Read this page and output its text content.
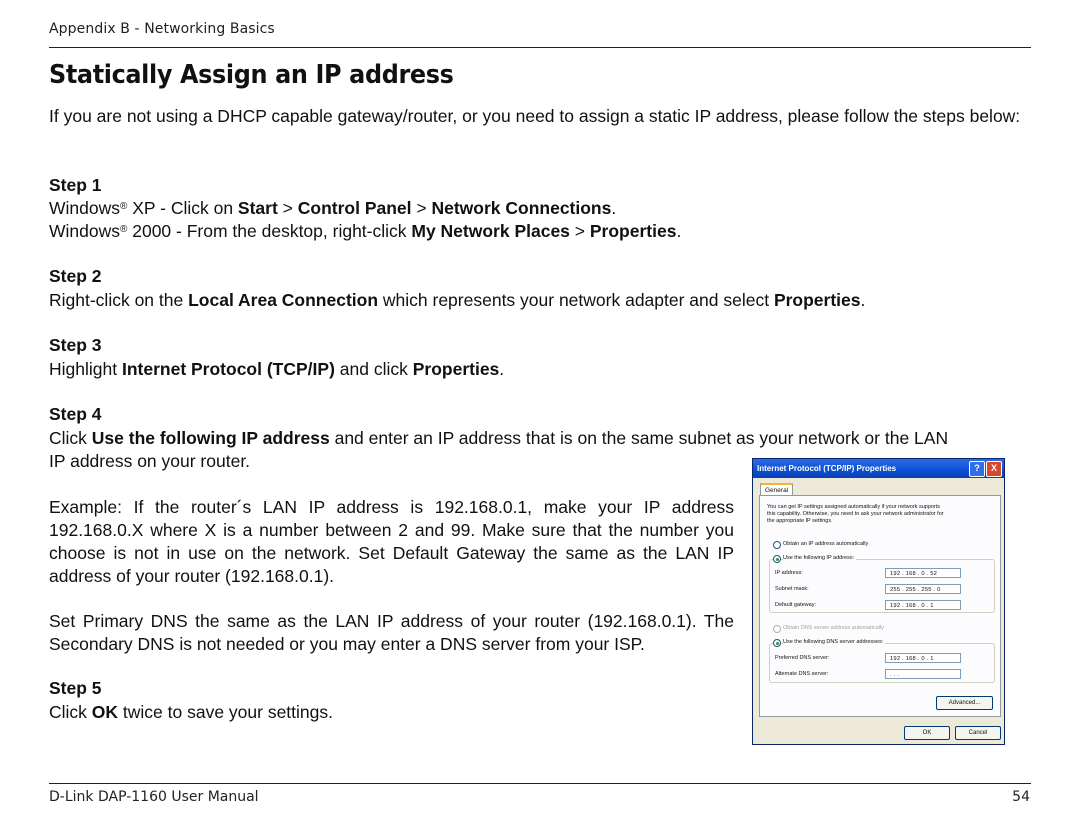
Appendix B - Networking Basics
Statically Assign an IP address
If you are not using a DHCP capable gateway/router, or you need to assign a static IP address, please follow the steps below:
Step 1
Windows® XP - Click on Start > Control Panel > Network Connections.
Windows® 2000 - From the desktop, right-click My Network Places > Properties.
Step 2
Right-click on the Local Area Connection which represents your network adapter and select Properties.
Step 3
Highlight Internet Protocol (TCP/IP) and click Properties.
Step 4
Click Use the following IP address and enter an IP address that is on the same subnet as your network or the LAN
IP address on your router.
Example: If the router´s LAN IP address is 192.168.0.1, make your IP address 192.168.0.X where X is a number between 2 and 99. Make sure that the number you choose is not in use on the network. Set Default Gateway the same as the LAN IP address of your router (192.168.0.1).
Set Primary DNS the same as the LAN IP address of your router (192.168.0.1). The Secondary DNS is not needed or you may enter a DNS server from your ISP.
Step 5
Click OK twice to save your settings.
Internet Protocol (TCP/IP) Properties	?	X
General
You can get IP settings assigned automatically if your network supports
this capability. Otherwise, you need to ask your network administrator for
the appropriate IP settings.
Obtain an IP address automatically
Use the following IP address:
IP address:	192 . 168 . 0 . 52
Subnet mask:	255 . 255 . 255 . 0
Default gateway:	192 . 168 . 0 . 1
Obtain DNS server address automatically
Use the following DNS server addresses:
Preferred DNS server:	192 . 168 . 0 . 1
Alternate DNS server:	. . .
Advanced...
OK	Cancel
D-Link DAP-1160 User Manual	54
